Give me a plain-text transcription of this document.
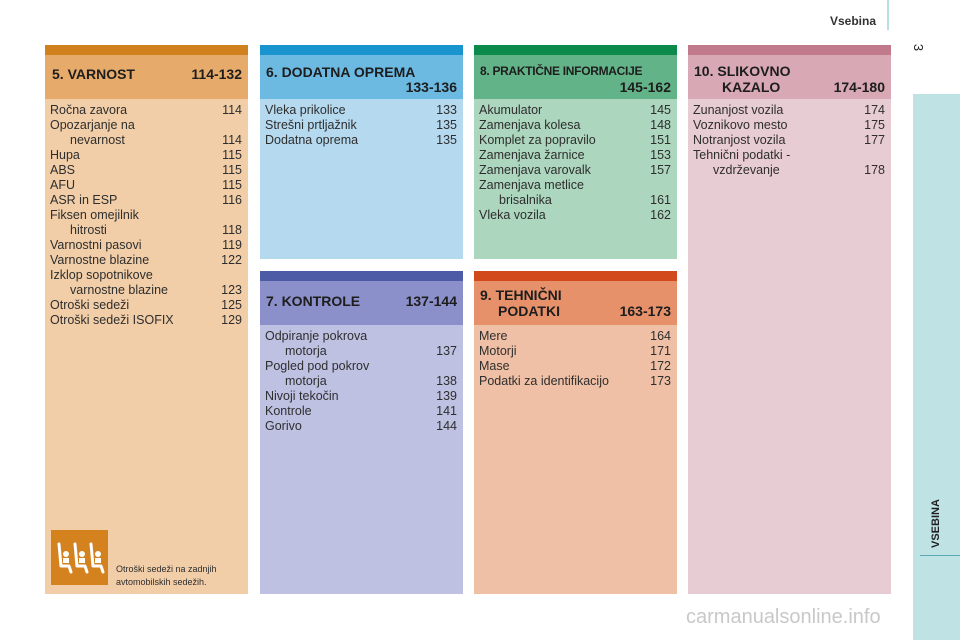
Vsebina
3
5. VARNOST	114-132
Ročna zavora	114
Opozarjanje na
nevarnost	114
Hupa	115
ABS	115
AFU	115
ASR in ESP	116
Fiksen omejilnik
hitrosti	118
Varnostni pasovi	119
Varnostne blazine	122
Izklop sopotnikove
varnostne blazine	123
Otroški sedeži	125
Otroški sedeži ISOFIX	129
Otroški sedeži na zadnjih avtomobilskih sedežih.
6. DODATNA OPREMA
133-136
Vleka prikolice	133
Strešni prtljažnik	135
Dodatna oprema	135
7. KONTROLE	137-144
Odpiranje pokrova
motorja	137
Pogled pod pokrov
motorja	138
Nivoji tekočin	139
Kontrole	141
Gorivo	144
8. PRAKTIČNE INFORMACIJE
145-162
Akumulator	145
Zamenjava kolesa	148
Komplet za popravilo	151
Zamenjava žarnice	153
Zamenjava varovalk	157
Zamenjava metlice
brisalnika	161
Vleka vozila	162
9. TEHNIČNI
PODATKI	163-173
Mere	164
Motorji	171
Mase	172
Podatki za identifikacijo	173
10. SLIKOVNO
KAZALO	174-180
Zunanjost vozila	174
Voznikovo mesto	175
Notranjost vozila	177
Tehnični podatki -
vzdrževanje	178
carmanualsonline.info
